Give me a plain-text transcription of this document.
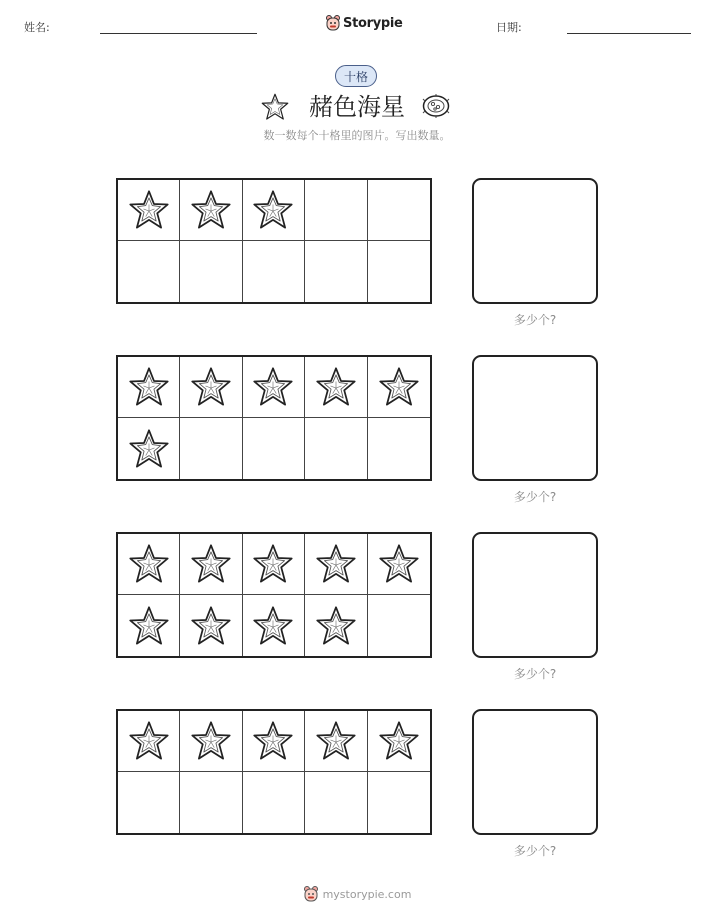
姓名:	Storypie	日期:
十格
赭色海星
数一数每个十格里的图片。写出数量。
多少个?
多少个?
多少个?
多少个?
mystorypie.com
